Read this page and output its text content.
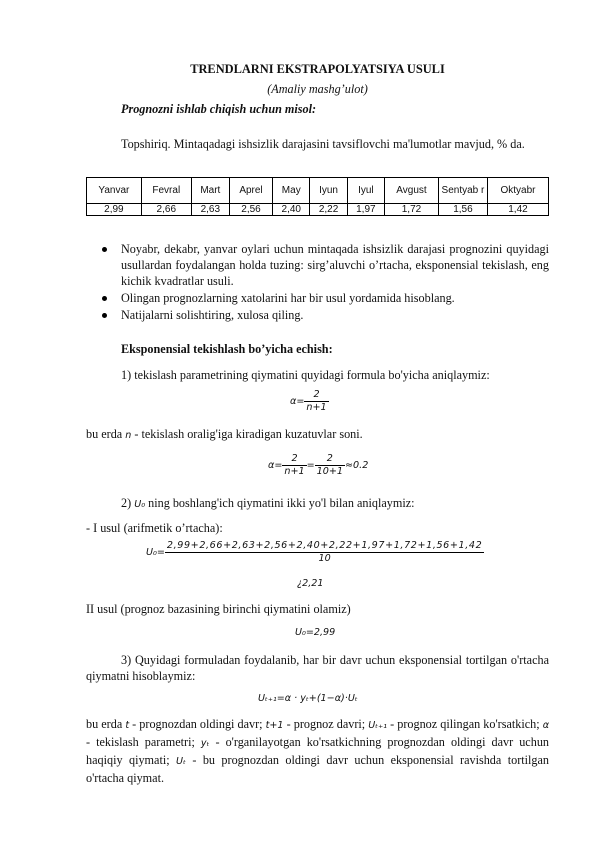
TRENDLARNI EKSTRAPOLYATSIYA USULI
(Amaliy mashg’ulot)
Prognozni ishlab chiqish uchun misol:
Topshiriq. Mintaqadagi ishsizlik darajasini tavsiflovchi ma'lumotlar mavjud, % da.
Yanvar	Fevral	Mart	Aprel	May	Iyun	Iyul	Avgust	Sentyab r	Oktyabr
2,99	2,66	2,63	2,56	2,40	2,22	1,97	1,72	1,56	1,42
Noyabr, dekabr, yanvar oylari uchun mintaqada ishsizlik darajasi prognozini quyidagi usullardan foydalangan holda tuzing: sirg’aluvchi o’rtacha, eksponensial tekislash, eng kichik kvadratlar usuli.
Olingan prognozlarning xatolarini har bir usul yordamida hisoblang.
Natijalarni solishtiring, xulosa qiling.
Eksponensial tekishlash bo’yicha echish:
1) tekislash parametrining qiymatini quyidagi formula bo'yicha aniqlaymiz:
$\alpha= \frac{2}{n+1}$
bu erda n - tekislash oralig'iga kiradigan kuzatuvlar soni.
$\alpha= \frac{2}{n+1} = \frac{2}{10+1} \approx 0.2$
2) U₀ ning boshlang'ich qiymatini ikki yo'l bilan aniqlaymiz:
- I usul (arifmetik o’rtacha):
$U_0= \frac{2,99+2,66+2,63+2,56+2,40+2,22+1,97+1,72+1,56+1,42}{10}$
¿2,21
II usul (prognoz bazasining birinchi qiymatini olamiz)
U₀=2,99
3) Quyidagi formuladan foydalanib, har bir davr uchun eksponensial tortilgan o'rtacha qiymatni hisoblaymiz:
Uₜ₊₁=α · yₜ+(1−α)·Uₜ
bu erda t - prognozdan oldingi davr; t+1 - prognoz davri; Uₜ₊₁ - prognoz qilingan ko'rsatkich; α - tekislash parametri; yₜ - o'rganilayotgan ko'rsatkichning prognozdan oldingi davr uchun haqiqiy qiymati; Uₜ - bu prognozdan oldingi davr uchun eksponensial ravishda tortilgan o'rtacha qiymat.
